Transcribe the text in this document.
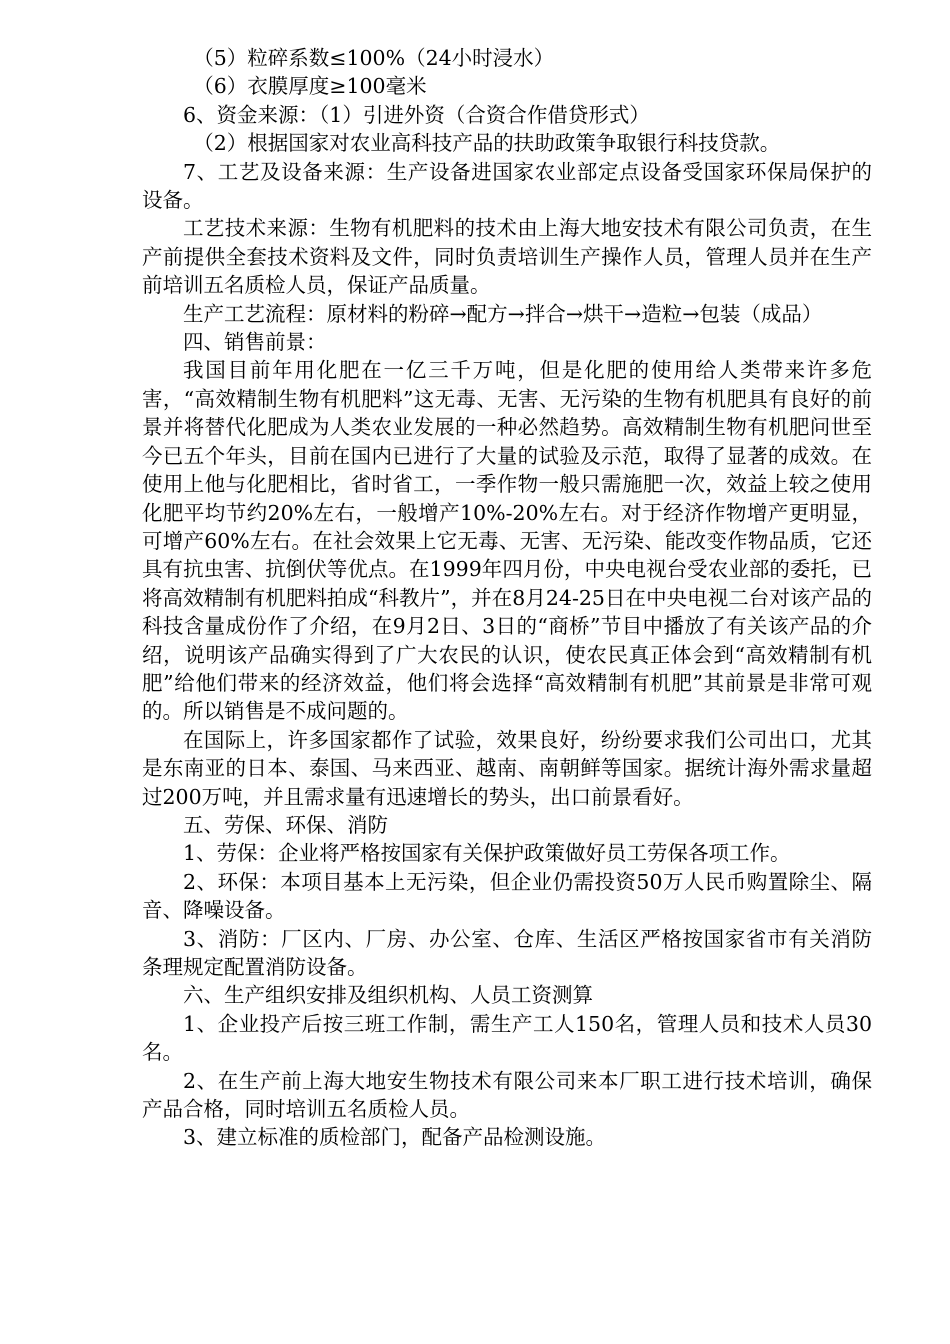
（5）粒碎系数≤100%（24小时浸水）

（6）衣膜厚度≥100毫米

6、资金来源：（1）引进外资（合资合作借贷形式）

（2）根据国家对农业高科技产品的扶助政策争取银行科技贷款。

7、工艺及设备来源：生产设备进国家农业部定点设备受国家环保局保护的设备。

工艺技术来源：生物有机肥料的技术由上海大地安技术有限公司负责，在生产前提供全套技术资料及文件，同时负责培训生产操作人员，管理人员并在生产前培训五名质检人员，保证产品质量。

生产工艺流程：原材料的粉碎→配方→拌合→烘干→造粒→包装（成品）

四、销售前景：

我国目前年用化肥在一亿三千万吨，但是化肥的使用给人类带来许多危害，“高效精制生物有机肥料”这无毒、无害、无污染的生物有机肥具有良好的前景并将替代化肥成为人类农业发展的一种必然趋势。高效精制生物有机肥问世至今已五个年头，目前在国内已进行了大量的试验及示范，取得了显著的成效。在使用上他与化肥相比，省时省工，一季作物一般只需施肥一次，效益上较之使用化肥平均节约20%左右，一般增产10%-20%左右。对于经济作物增产更明显，可增产60%左右。在社会效果上它无毒、无害、无污染、能改变作物品质，它还具有抗虫害、抗倒伏等优点。在1999年四月份，中央电视台受农业部的委托，已将高效精制有机肥料拍成“科教片”，并在8月24-25日在中央电视二台对该产品的科技含量成份作了介绍，在9月2日、3日的“商桥”节目中播放了有关该产品的介绍，说明该产品确实得到了广大农民的认识，使农民真正体会到“高效精制有机肥”给他们带来的经济效益，他们将会选择“高效精制有机肥”其前景是非常可观的。所以销售是不成问题的。

在国际上，许多国家都作了试验，效果良好，纷纷要求我们公司出口，尤其是东南亚的日本、泰国、马来西亚、越南、南朝鲜等国家。据统计海外需求量超过200万吨，并且需求量有迅速增长的势头，出口前景看好。

五、劳保、环保、消防

1、劳保：企业将严格按国家有关保护政策做好员工劳保各项工作。

2、环保：本项目基本上无污染，但企业仍需投资50万人民币购置除尘、隔音、降噪设备。

3、消防：厂区内、厂房、办公室、仓库、生活区严格按国家省市有关消防条理规定配置消防设备。

六、生产组织安排及组织机构、人员工资测算

1、企业投产后按三班工作制，需生产工人150名，管理人员和技术人员30名。

2、在生产前上海大地安生物技术有限公司来本厂职工进行技术培训，确保产品合格，同时培训五名质检人员。

3、建立标准的质检部门，配备产品检测设施。
